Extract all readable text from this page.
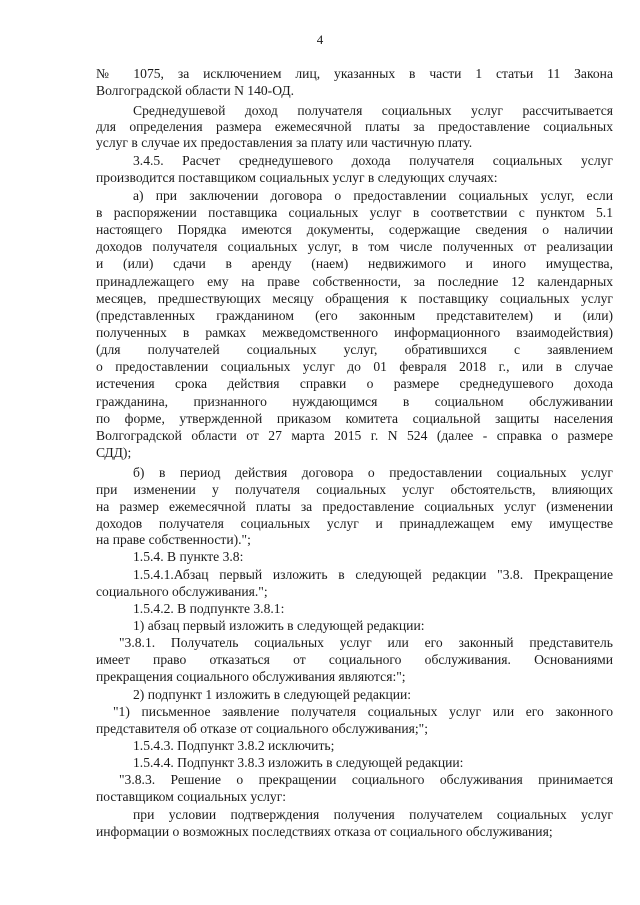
4
№ 1075, за исключением лиц, указанных в части 1 статьи 11 Закона
Волгоградской области N 140-ОД.
Среднедушевой доход получателя социальных услуг рассчитывается
для определения размера ежемесячной платы за предоставление социальных
услуг в случае их предоставления за плату или частичную плату.
3.4.5. Расчет среднедушевого дохода получателя социальных услуг
производится поставщиком социальных услуг в следующих случаях:
а) при заключении договора о предоставлении социальных услуг, если
в распоряжении поставщика социальных услуг в соответствии с пунктом 5.1
настоящего Порядка имеются документы, содержащие сведения о наличии
доходов получателя социальных услуг, в том числе полученных от реализации
и (или) сдачи в аренду (наем) недвижимого и иного имущества,
принадлежащего ему на праве собственности, за последние 12 календарных
месяцев, предшествующих месяцу обращения к поставщику социальных услуг
(представленных гражданином (его законным представителем) и (или)
полученных в рамках межведомственного информационного взаимодействия)
(для получателей социальных услуг, обратившихся с заявлением
о предоставлении социальных услуг до 01 февраля 2018 г., или в случае
истечения срока действия справки о размере среднедушевого дохода
гражданина, признанного нуждающимся в социальном обслуживании
по форме, утвержденной приказом комитета социальной защиты населения
Волгоградской области от 27 марта 2015 г. N 524 (далее - справка о размере
СДД);
б) в период действия договора о предоставлении социальных услуг
при изменении у получателя социальных услуг обстоятельств, влияющих
на размер ежемесячной платы за предоставление социальных услуг (изменении
доходов получателя социальных услуг и принадлежащем ему имуществе
на праве собственности).";
1.5.4. В пункте 3.8:
1.5.4.1.Абзац первый изложить в следующей редакции "3.8. Прекращение
социального обслуживания.";
1.5.4.2. В подпункте 3.8.1:
1) абзац первый изложить в следующей редакции:
"3.8.1. Получатель социальных услуг или его законный представитель
имеет право отказаться от социального обслуживания. Основаниями
прекращения социального обслуживания являются:";
2) подпункт 1 изложить в следующей редакции:
"1) письменное заявление получателя социальных услуг или его законного
представителя об отказе от социального обслуживания;";
1.5.4.3. Подпункт 3.8.2 исключить;
1.5.4.4. Подпункт 3.8.3 изложить в следующей редакции:
"3.8.3. Решение о прекращении социального обслуживания принимается
поставщиком социальных услуг:
при условии подтверждения получения получателем социальных услуг
информации о возможных последствиях отказа от социального обслуживания;
